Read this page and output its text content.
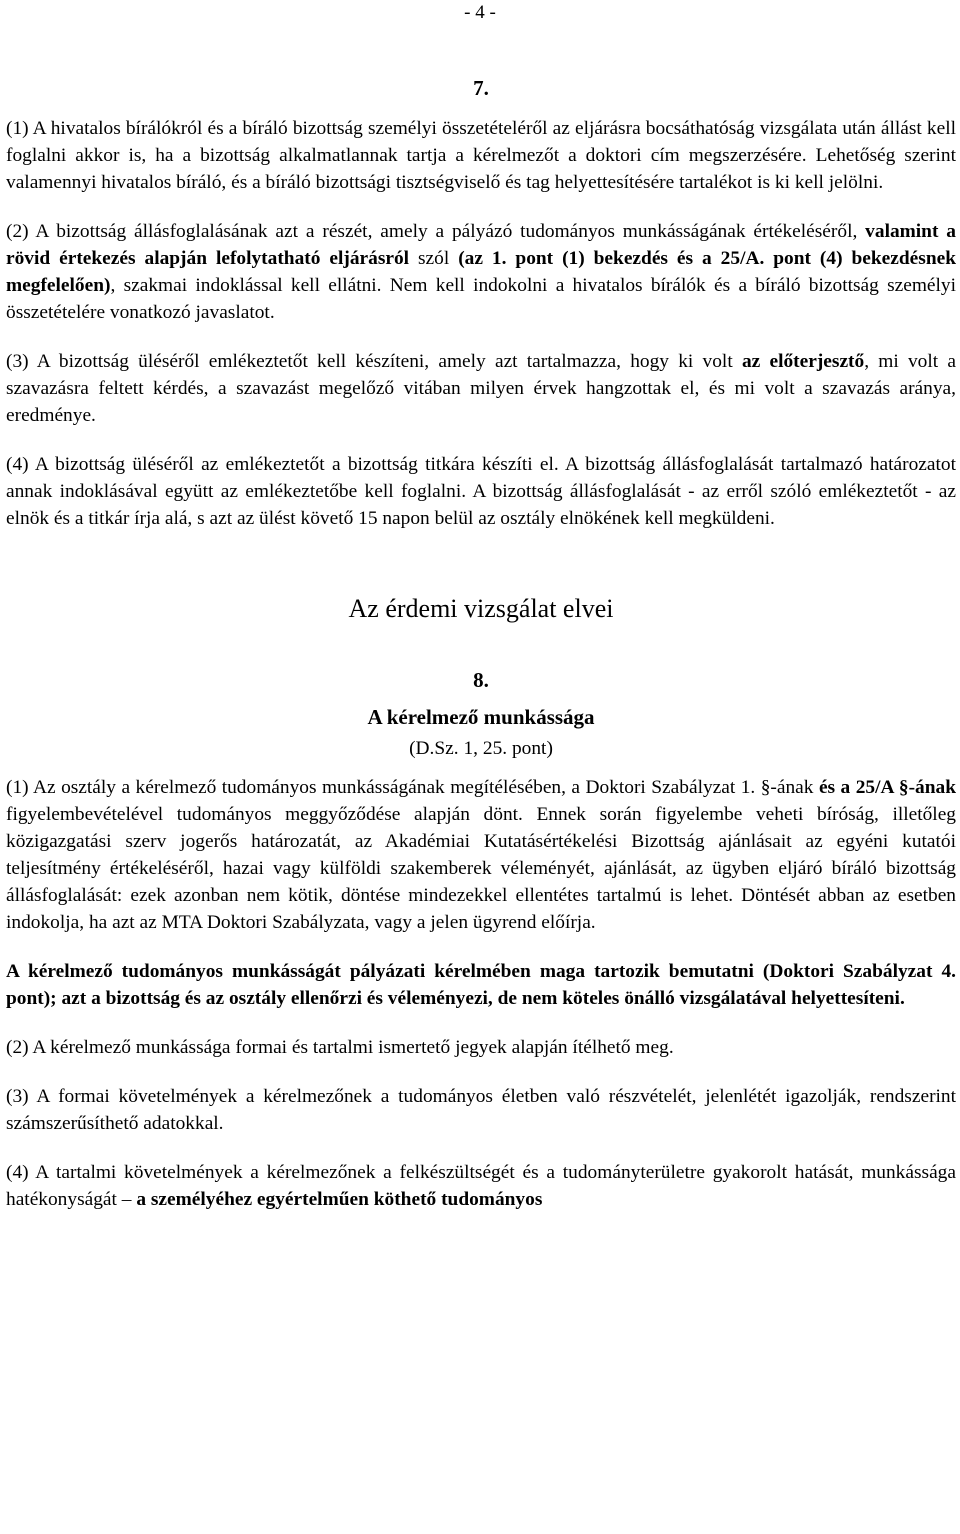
- 4 -
7.

(1) A hivatalos bírálókról és a bíráló bizottság személyi összetételéről az eljárásra bocsáthatóság vizsgálata után állást kell foglalni akkor is, ha a bizottság alkalmatlannak tartja a kérelmezőt a doktori cím megszerzésére. Lehetőség szerint valamennyi hivatalos bíráló, és a bíráló bizottsági tisztségviselő és tag helyettesítésére tartalékot is ki kell jelölni.

(2) A bizottság állásfoglalásának azt a részét, amely a pályázó tudományos munkásságának értékeléséről, valamint a rövid értekezés alapján lefolytatható eljárásról szól (az 1. pont (1) bekezdés és a 25/A. pont (4) bekezdésnek megfelelően), szakmai indoklással kell ellátni. Nem kell indokolni a hivatalos bírálók és a bíráló bizottság személyi összetételére vonatkozó javaslatot.

(3) A bizottság üléséről emlékeztetőt kell készíteni, amely azt tartalmazza, hogy ki volt az előterjesztő, mi volt a szavazásra feltett kérdés, a szavazást megelőző vitában milyen érvek hangzottak el, és mi volt a szavazás aránya, eredménye.

(4) A bizottság üléséről az emlékeztetőt a bizottság titkára készíti el. A bizottság állásfoglalását tartalmazó határozatot annak indoklásával együtt az emlékeztetőbe kell foglalni. A bizottság állásfoglalását - az erről szóló emlékeztetőt - az elnök és a titkár írja alá, s azt az ülést követő 15 napon belül az osztály elnökének kell megküldeni.

Az érdemi vizsgálat elvei
8.
A kérelmező munkássága
(D.Sz. 1, 25. pont)

(1) Az osztály a kérelmező tudományos munkásságának megítélésében, a Doktori Szabályzat 1. §-ának és a 25/A §-ának figyelembevételével tudományos meggyőződése alapján dönt. Ennek során figyelembe veheti bíróság, illetőleg közigazgatási szerv jogerős határozatát, az Akadémiai Kutatásértékelési Bizottság ajánlásait az egyéni kutatói teljesítmény értékeléséről, hazai vagy külföldi szakemberek véleményét, ajánlását, az ügyben eljáró bíráló bizottság állásfoglalását: ezek azonban nem kötik, döntése mindezekkel ellentétes tartalmú is lehet. Döntését abban az esetben indokolja, ha azt az MTA Doktori Szabályzata, vagy a jelen ügyrend előírja.

A kérelmező tudományos munkásságát pályázati kérelmében maga tartozik bemutatni (Doktori Szabályzat 4. pont); azt a bizottság és az osztály ellenőrzi és véleményezi, de nem köteles önálló vizsgálatával helyettesíteni.

(2) A kérelmező munkássága formai és tartalmi ismertető jegyek alapján ítélhető meg.

(3) A formai követelmények a kérelmezőnek a tudományos életben való részvételét, jelenlétét igazolják, rendszerint számszerűsíthető adatokkal.

(4) A tartalmi követelmények a kérelmezőnek a felkészültségét és a tudományterületre gyakorolt hatását, munkássága hatékonyságát – a személyéhez egyértelműen köthető tudományos
